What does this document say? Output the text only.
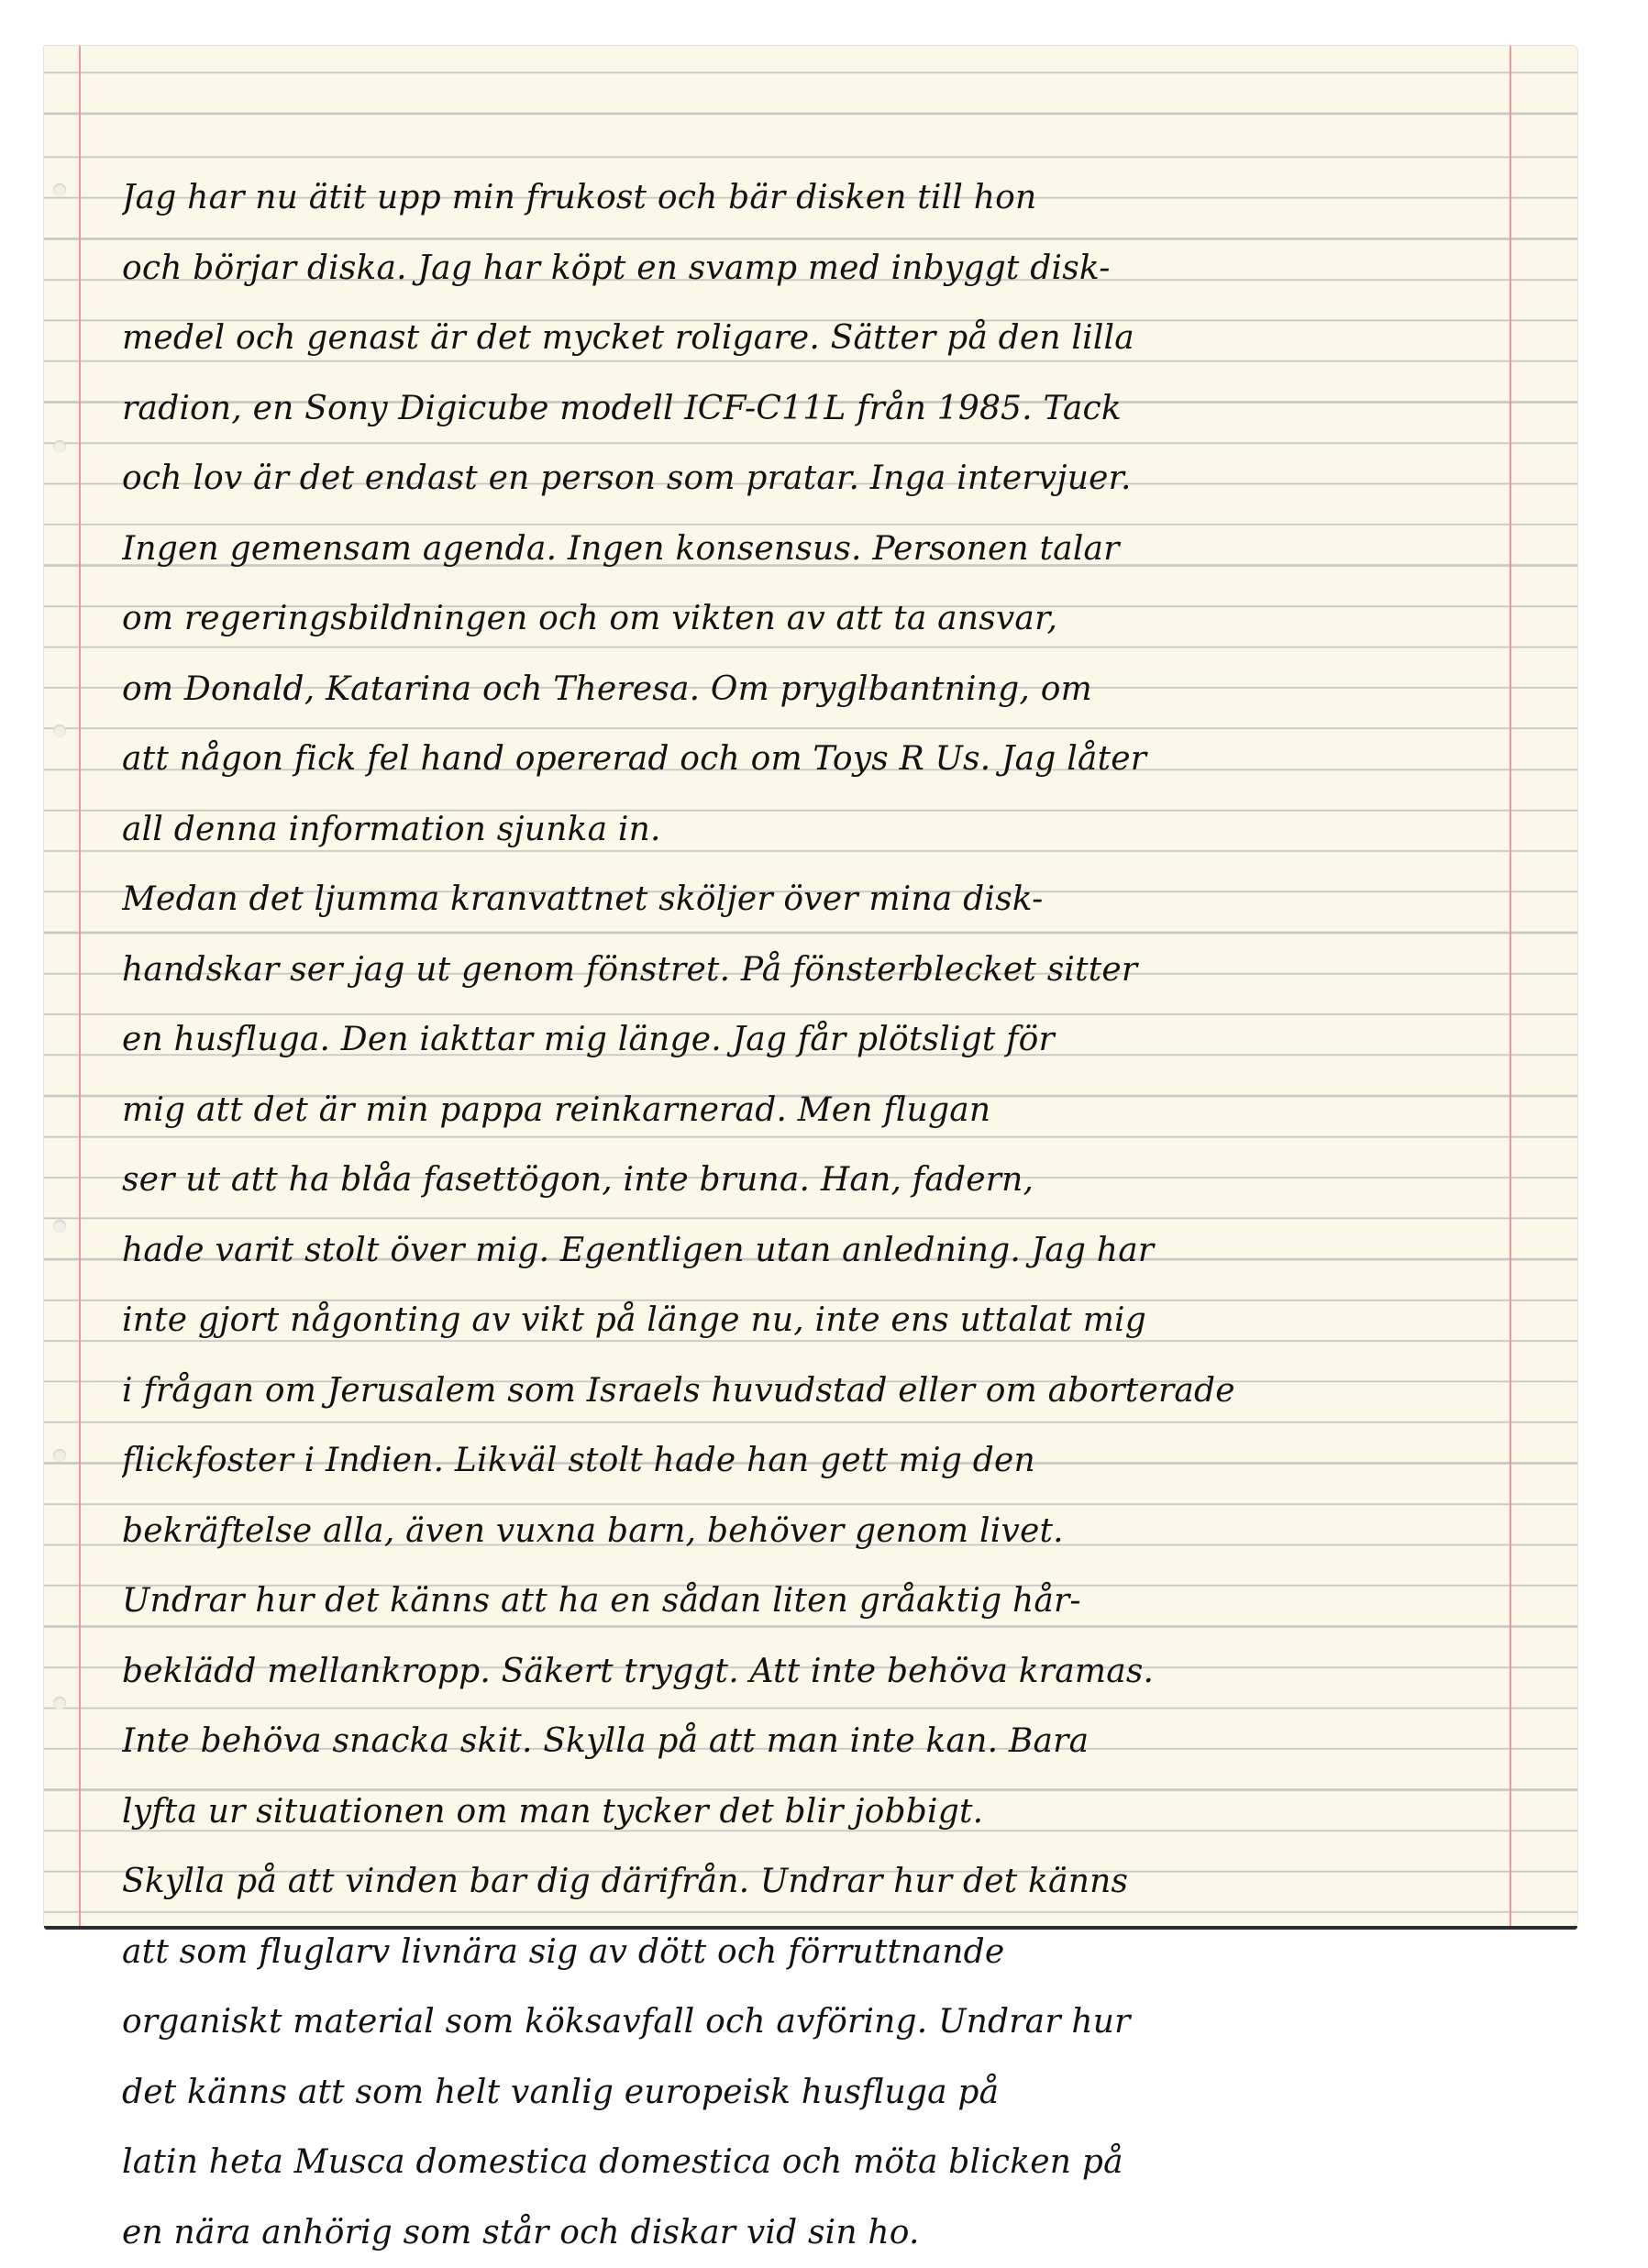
Jag har nu ätit upp min frukost och bär disken till hon
och börjar diska. Jag har köpt en svamp med inbyggt disk-
medel och genast är det mycket roligare. Sätter på den lilla
radion, en Sony Digicube modell ICF-C11L från 1985. Tack
och lov är det endast en person som pratar. Inga intervjuer.
Ingen gemensam agenda. Ingen konsensus. Personen talar
om regeringsbildningen och om vikten av att ta ansvar,
om Donald, Katarina och Theresa. Om pryglbantning, om
att någon fick fel hand opererad och om Toys R Us. Jag låter
all denna information sjunka in.
Medan det ljumma kranvattnet sköljer över mina disk-
handskar ser jag ut genom fönstret. På fönsterblecket sitter
en husfluga. Den iakttar mig länge. Jag får plötsligt för
mig att det är min pappa reinkarnerad. Men flugan
ser ut att ha blåa fasettögon, inte bruna. Han, fadern,
hade varit stolt över mig. Egentligen utan anledning. Jag har
inte gjort någonting av vikt på länge nu, inte ens uttalat mig
i frågan om Jerusalem som Israels huvudstad eller om aborterade
flickfoster i Indien. Likväl stolt hade han gett mig den
bekräftelse alla, även vuxna barn, behöver genom livet.
Undrar hur det känns att ha en sådan liten gråaktig hår-
beklädd mellankropp. Säkert tryggt. Att inte behöva kramas.
Inte behöva snacka skit. Skylla på att man inte kan. Bara
lyfta ur situationen om man tycker det blir jobbigt.
Skylla på att vinden bar dig därifrån. Undrar hur det känns
att som fluglarv livnära sig av dött och förruttnande
organiskt material som köksavfall och avföring. Undrar hur
det känns att som helt vanlig europeisk husfluga på
latin heta Musca domestica domestica och möta blicken på
en nära anhörig som står och diskar vid sin ho.
